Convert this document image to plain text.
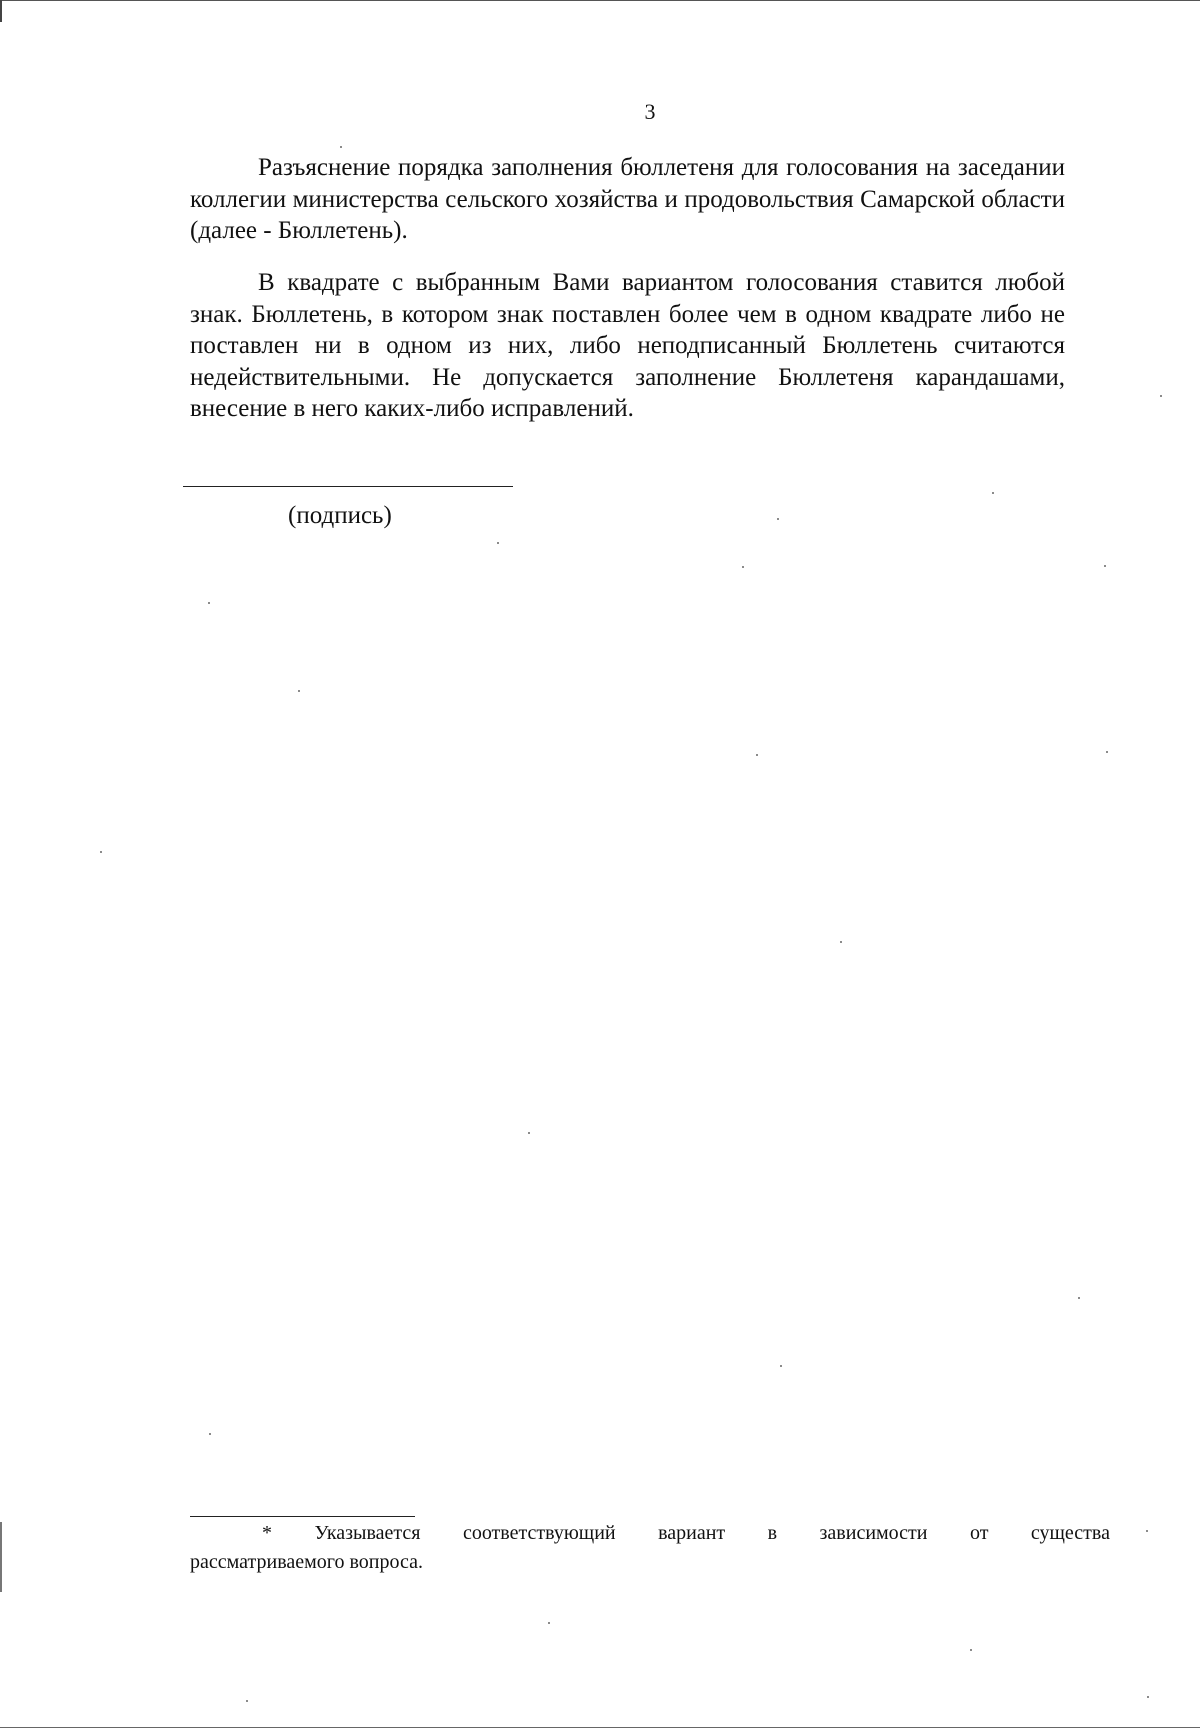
3

Разъяснение порядка заполнения бюллетеня для голосования на заседании коллегии министерства сельского хозяйства и продовольствия Самарской области (далее - Бюллетень).

В квадрате с выбранным Вами вариантом голосования ставится любой знак. Бюллетень, в котором знак поставлен более чем в одном квадрате либо не поставлен ни в одном из них, либо неподписанный Бюллетень считаются недействительными. Не допускается заполнение Бюллетеня карандашами, внесение в него каких-либо исправлений.

(подпись)
* Указывается соответствующий вариант в зависимости от существа
рассматриваемого вопроса.
